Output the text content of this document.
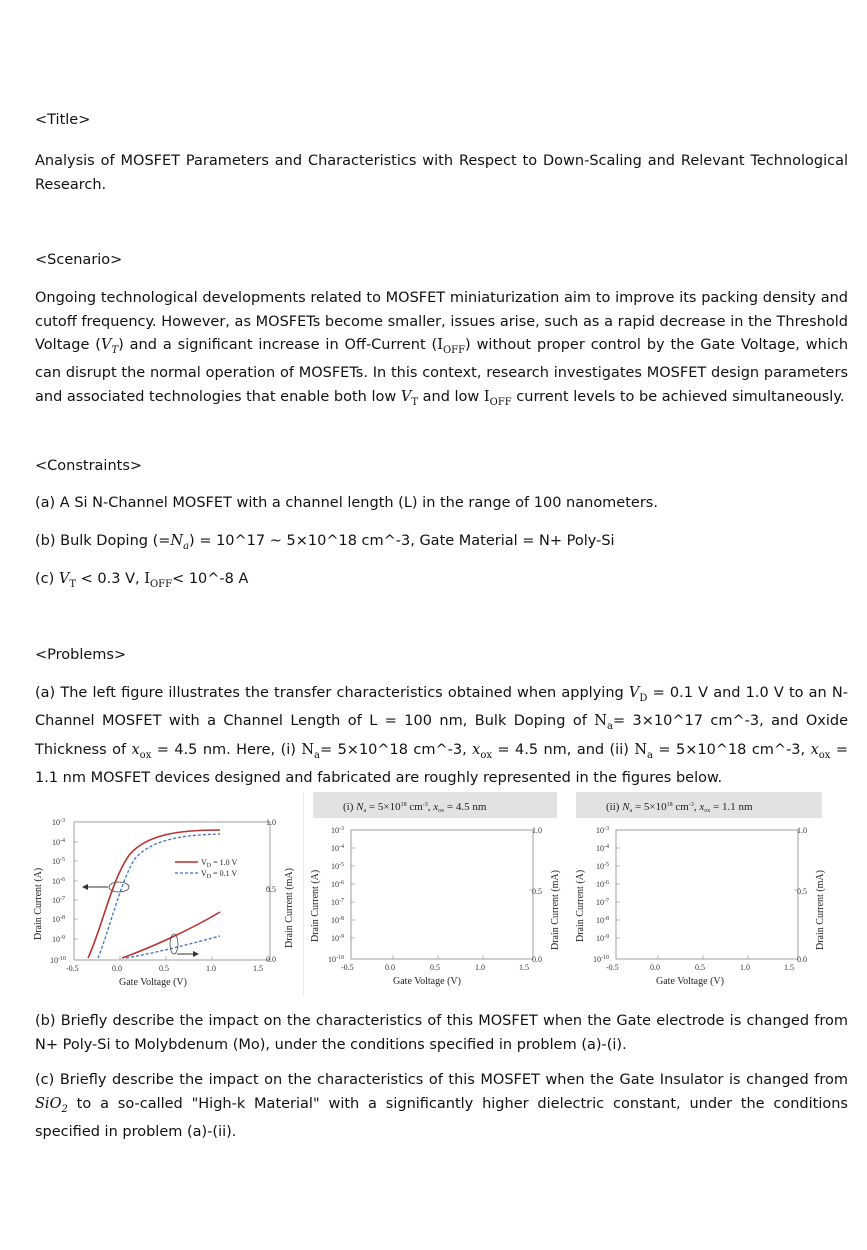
<Title>
Analysis of MOSFET Parameters and Characteristics with Respect to Down-Scaling and Relevant Technological Research.
<Scenario>
Ongoing technological developments related to MOSFET miniaturization aim to improve its packing density and cutoff frequency. However, as MOSFETs become smaller, issues arise, such as a rapid decrease in the Threshold Voltage $(V_T)$ and a significant increase in Off-Current $(I_{OFF})$ without proper control by the Gate Voltage, which can disrupt the normal operation of MOSFETs. In this context, research investigates MOSFET design parameters and associated technologies that enable both low $V_T$ and low $I_{OFF}$ current levels to be achieved simultaneously.
<Constraints>
(a) A Si N-Channel MOSFET with a channel length (L) in the range of 100 nanometers.
(b) Bulk Doping $(=N_a)$ = 10^17 ~ 5×10^18 cm^-3, Gate Material = N+ Poly-Si
(c) $V_T < 0.3$ V, $I_{OFF}<$ 10^-8 A
<Problems>
(a) The left figure illustrates the transfer characteristics obtained when applying $V_D = 0.1$ V and 1.0 V to an N-Channel MOSFET with a Channel Length of L = 100 nm, Bulk Doping of $N_a=$ 3×10^17 cm^-3, and Oxide Thickness of $x_{ox} = 4.5$ nm. Here, (i) $N_a=$ 5×10^18 cm^-3, $x_{ox} = 4.5$ nm, and (ii) $N_a$ = 5×10^18 cm^-3, $x_{ox} = 1.1$ nm MOSFET devices designed and fabricated are roughly represented in the figures below.
(b) Briefly describe the impact on the characteristics of this MOSFET when the Gate electrode is changed from N+ Poly-Si to Molybdenum (Mo), under the conditions specified in problem (a)-(i).
(c) Briefly describe the impact on the characteristics of this MOSFET when the Gate Insulator is changed from SiO$_2$ to a so-called "High-k Material" with a significantly higher dielectric constant, under the conditions specified in problem (a)-(ii).
$10^{-3}$
$10^{-4}$
$10^{-5}$
$10^{-6}$
$10^{-7}$
$10^{-8}$
$10^{-9}$
$10^{-10}$
1.0
0.5
0.0
-0.5	0.0	0.5	1.0	1.5
Gate Voltage (V)
Drain Current (A)	Drain Current (mA)
$V_D = 1.0$ V
$V_D = 0.1$ V
(i) $Na = 5\times 10^{18}$ $cm^{-3}$, xox = 4.5 nm
$10^{-3}$
$10^{-4}$
$10^{-5}$
$10^{-6}$
$10^{-7}$
$10^{-8}$
$10^{-9}$
$10^{-10}$
1.0
0.5
0.0
-0.5	0.0	0.5	1.0	1.5
Gate Voltage (V)
Drain Current (A)	Drain Current (mA)
(ii) $Na = 5\times 10^{18}$ $cm^{-3}$, xox = 1.1 nm
$10^{-3}$
$10^{-4}$
$10^{-5}$
$10^{-6}$
$10^{-7}$
$10^{-8}$
$10^{-9}$
$10^{-10}$
1.0
0.5
0.0
-0.5	0.0	0.5	1.0	1.5
Gate Voltage (V)
Drain Current (A)	Drain Current (mA)
